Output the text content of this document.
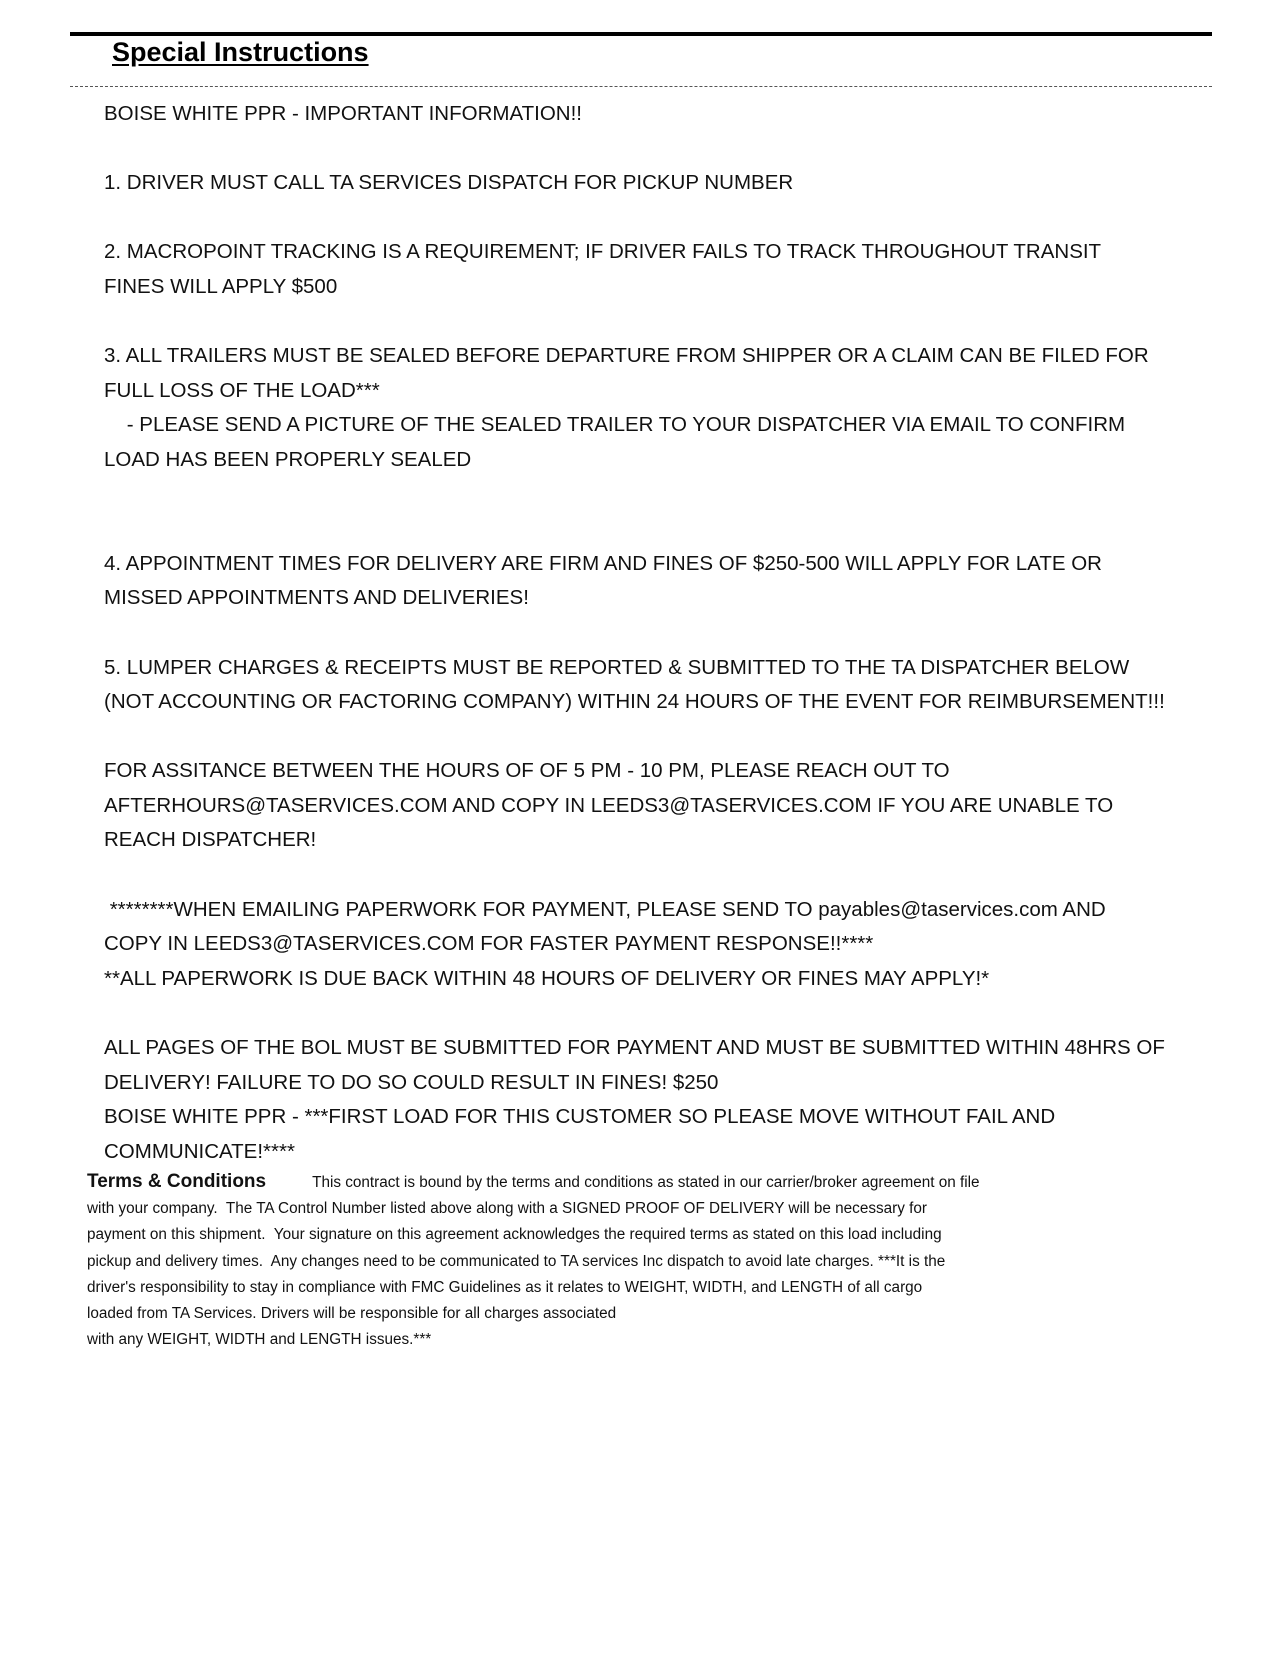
Special Instructions
BOISE WHITE PPR - IMPORTANT INFORMATION!!
1. DRIVER MUST CALL TA SERVICES DISPATCH FOR PICKUP NUMBER
2. MACROPOINT TRACKING IS A REQUIREMENT; IF DRIVER FAILS TO TRACK THROUGHOUT TRANSIT
FINES WILL APPLY $500
3. ALL TRAILERS MUST BE SEALED BEFORE DEPARTURE FROM SHIPPER OR A CLAIM CAN BE FILED FOR
FULL LOSS OF THE LOAD***
- PLEASE SEND A PICTURE OF THE SEALED TRAILER TO YOUR DISPATCHER VIA EMAIL TO CONFIRM
LOAD HAS BEEN PROPERLY SEALED
4. APPOINTMENT TIMES FOR DELIVERY ARE FIRM AND FINES OF $250-500 WILL APPLY FOR LATE OR
MISSED APPOINTMENTS AND DELIVERIES!
5. LUMPER CHARGES & RECEIPTS MUST BE REPORTED & SUBMITTED TO THE TA DISPATCHER BELOW
(NOT ACCOUNTING OR FACTORING COMPANY) WITHIN 24 HOURS OF THE EVENT FOR REIMBURSEMENT!!!
FOR ASSITANCE BETWEEN THE HOURS OF OF 5 PM - 10 PM, PLEASE REACH OUT TO
AFTERHOURS@TASERVICES.COM AND COPY IN LEEDS3@TASERVICES.COM IF YOU ARE UNABLE TO
REACH DISPATCHER!
********WHEN EMAILING PAPERWORK FOR PAYMENT, PLEASE SEND TO payables@taservices.com AND
COPY IN LEEDS3@TASERVICES.COM FOR FASTER PAYMENT RESPONSE!!****
**ALL PAPERWORK IS DUE BACK WITHIN 48 HOURS OF DELIVERY OR FINES MAY APPLY!*
ALL PAGES OF THE BOL MUST BE SUBMITTED FOR PAYMENT AND MUST BE SUBMITTED WITHIN 48HRS OF
DELIVERY! FAILURE TO DO SO COULD RESULT IN FINES! $250
BOISE WHITE PPR - ***FIRST LOAD FOR THIS CUSTOMER SO PLEASE MOVE WITHOUT FAIL AND
COMMUNICATE!****
Terms & Conditions	This contract is bound by the terms and conditions as stated in our carrier/broker agreement on file
with your company.  The TA Control Number listed above along with a SIGNED PROOF OF DELIVERY will be necessary for
payment on this shipment.  Your signature on this agreement acknowledges the required terms as stated on this load including
pickup and delivery times.  Any changes need to be communicated to TA services Inc dispatch to avoid late charges. ***It is the
driver's responsibility to stay in compliance with FMC Guidelines as it relates to WEIGHT, WIDTH, and LENGTH of all cargo
loaded from TA Services. Drivers will be responsible for all charges associated
with any WEIGHT, WIDTH and LENGTH issues.***
